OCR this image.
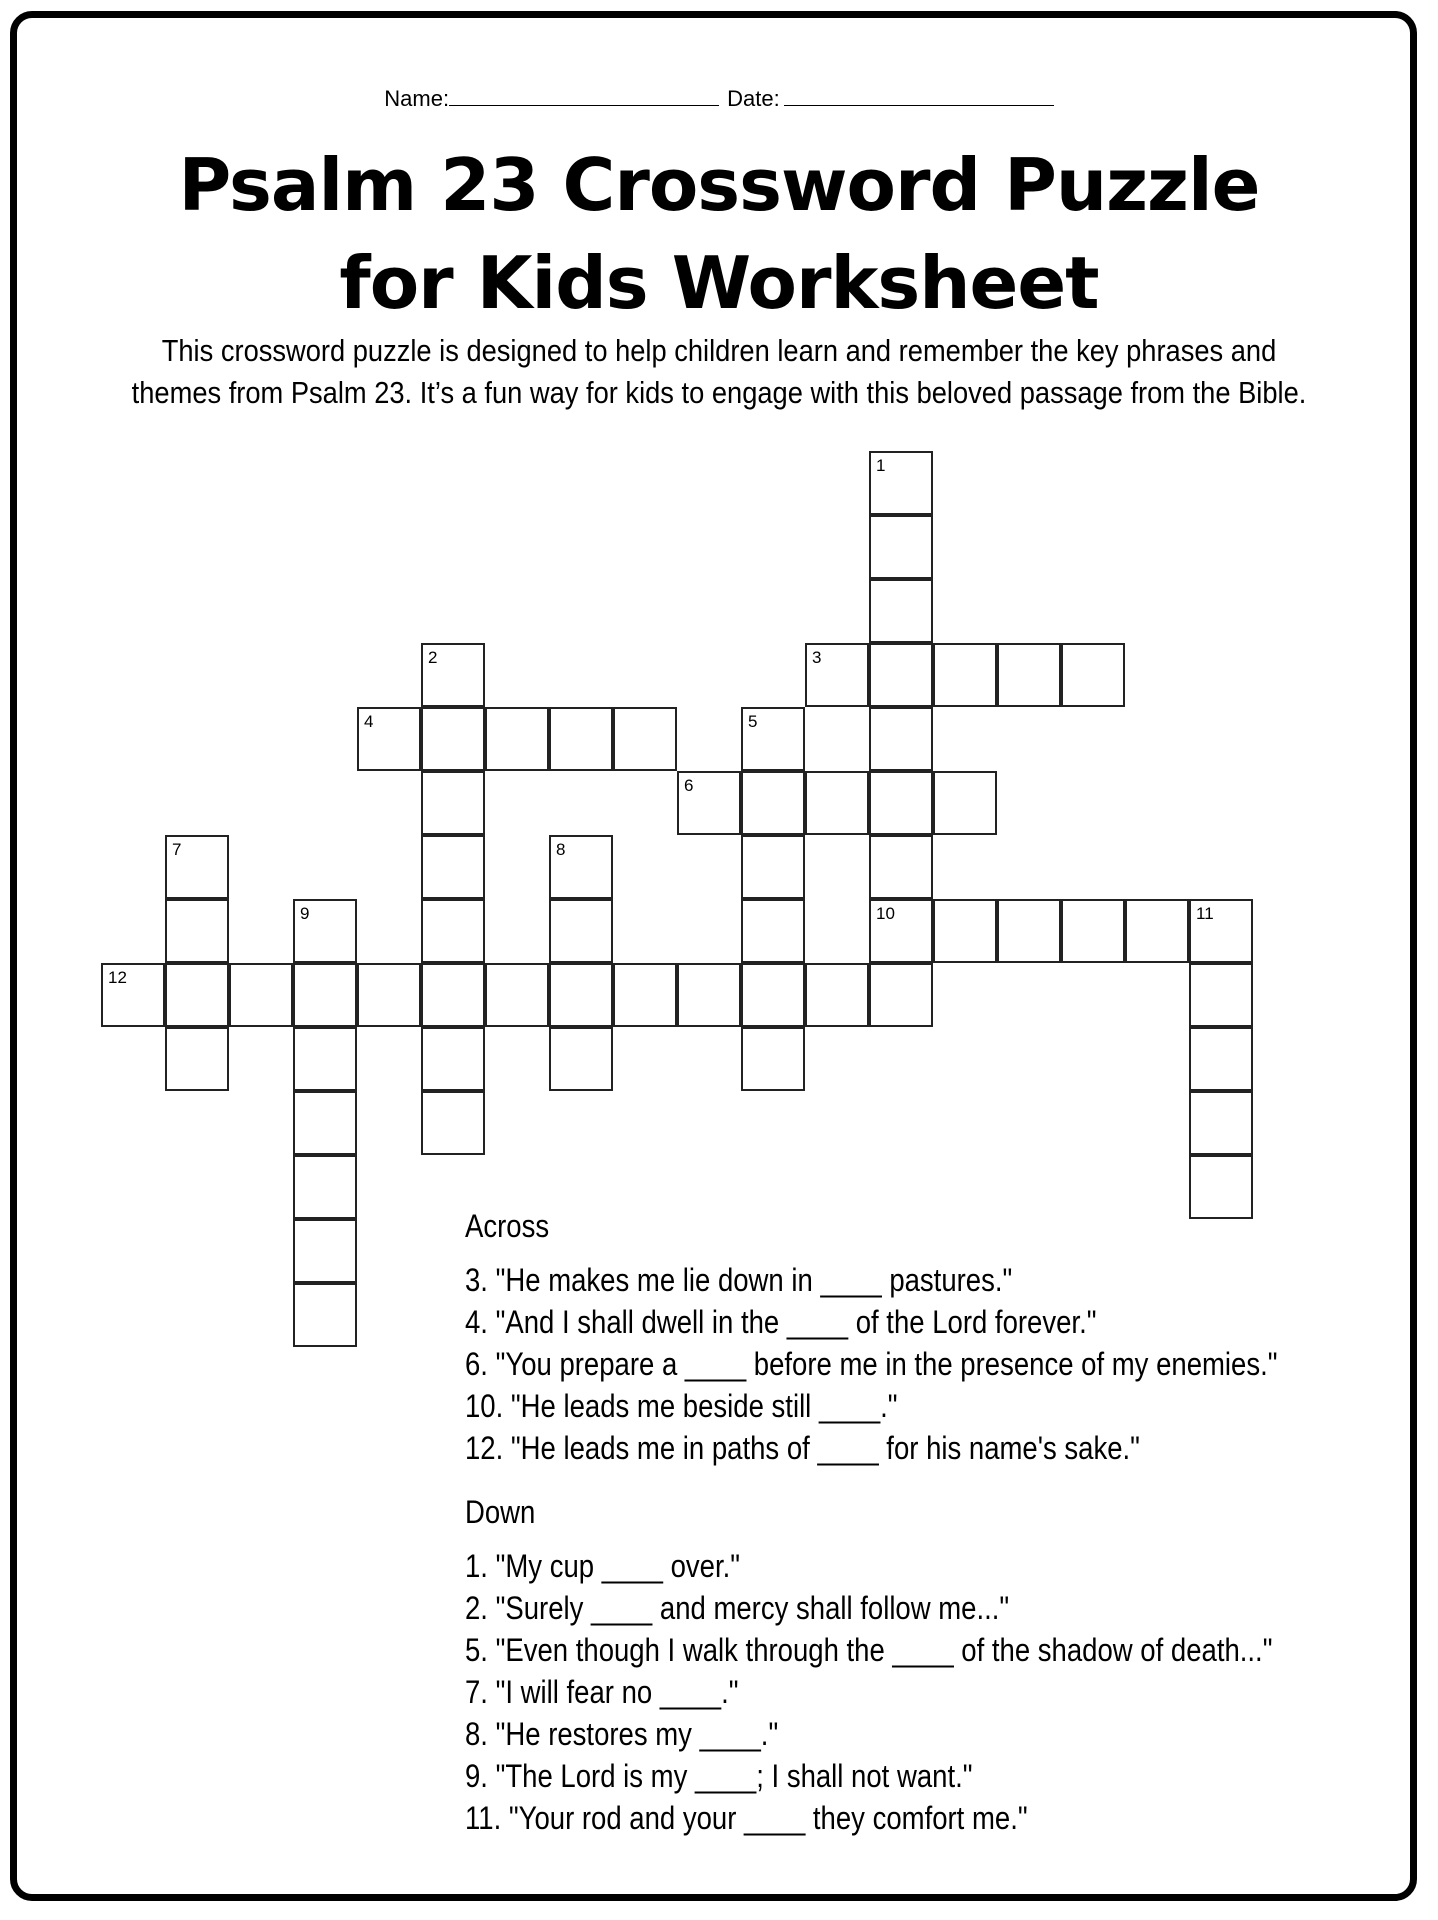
Name:	Date:
Psalm 23 Crossword Puzzle
for Kids Worksheet
This crossword puzzle is designed to help children learn and remember the key phrases and themes from Psalm 23. It’s a fun way for kids to engage with this beloved passage from the Bible.
1
10
2	3
4	5
6
7	8
9	11
12
Across
3. "He makes me lie down in ____ pastures."
4. "And I shall dwell in the ____ of the Lord forever."
6. "You prepare a ____ before me in the presence of my enemies."
10. "He leads me beside still ____."
12. "He leads me in paths of ____ for his name's sake."
Down
1. "My cup ____ over."
2. "Surely ____ and mercy shall follow me..."
5. "Even though I walk through the ____ of the shadow of death..."
7. "I will fear no ____."
8. "He restores my ____."
9. "The Lord is my ____; I shall not want."
11. "Your rod and your ____ they comfort me."
